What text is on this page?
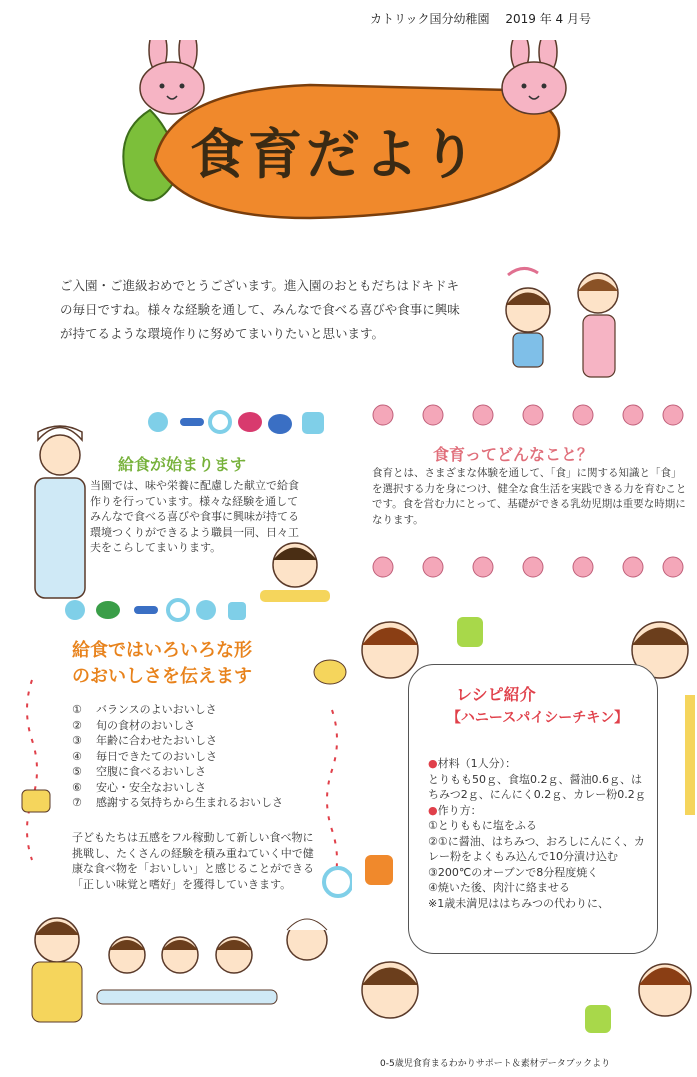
カトリック国分幼稚園 2019 年 4 月号
食育だより
ご入園・ご進級おめでとうございます。進入園のおともだちはドキドキの毎日ですね。様々な経験を通して、みんなで食べる喜びや食事に興味が持てるような環境作りに努めてまいりたいと思います。
給食が始まります
当園では、味や栄養に配慮した献立で給食作りを行っています。様々な経験を通してみんなで食べる喜びや食事に興味が持てる環境つくりができるよう職員一同、日々工夫をこらしてまいります。
給食ではいろいろな形
のおいしさを伝えます
①	バランスのよいおいしさ
②	旬の食材のおいしさ
③	年齢に合わせたおいしさ
④	毎日できたてのおいしさ
⑤	空腹に食べるおいしさ
⑥	安心・安全なおいしさ
⑦	感謝する気持ちから生まれるおいしさ
子どもたちは五感をフル稼動して新しい食べ物に挑戦し、たくさんの経験を積み重ねていく中で健康な食べ物を「おいしい」と感じることができる「正しい味覚と嗜好」を獲得していきます。
食育ってどんなこと？
食育とは、さまざまな体験を通して、「食」に関する知識と「食」を選択する力を身につけ、健全な食生活を実践できる力を育むことです。食を営む力にとって、基礎ができる乳幼児期は重要な時期になります。
レシピ紹介
【ハニースパイシーチキン】
●材料（1人分）：
とりもも50ｇ、食塩0.2ｇ、醤油0.6ｇ、はちみつ2ｇ、にんにく0.2ｇ、カレー粉0.2ｇ
●作り方：
①とりももに塩をふる
②①に醤油、はちみつ、おろしにんにく、カレー粉をよくもみ込んで10分漬け込む
③200℃のオーブンで8分程度焼く
④焼いた後、肉汁に絡ませる
※1歳未満児ははちみつの代わりに、
0-5歳児食育まるわかりサポート＆素材データブックより
